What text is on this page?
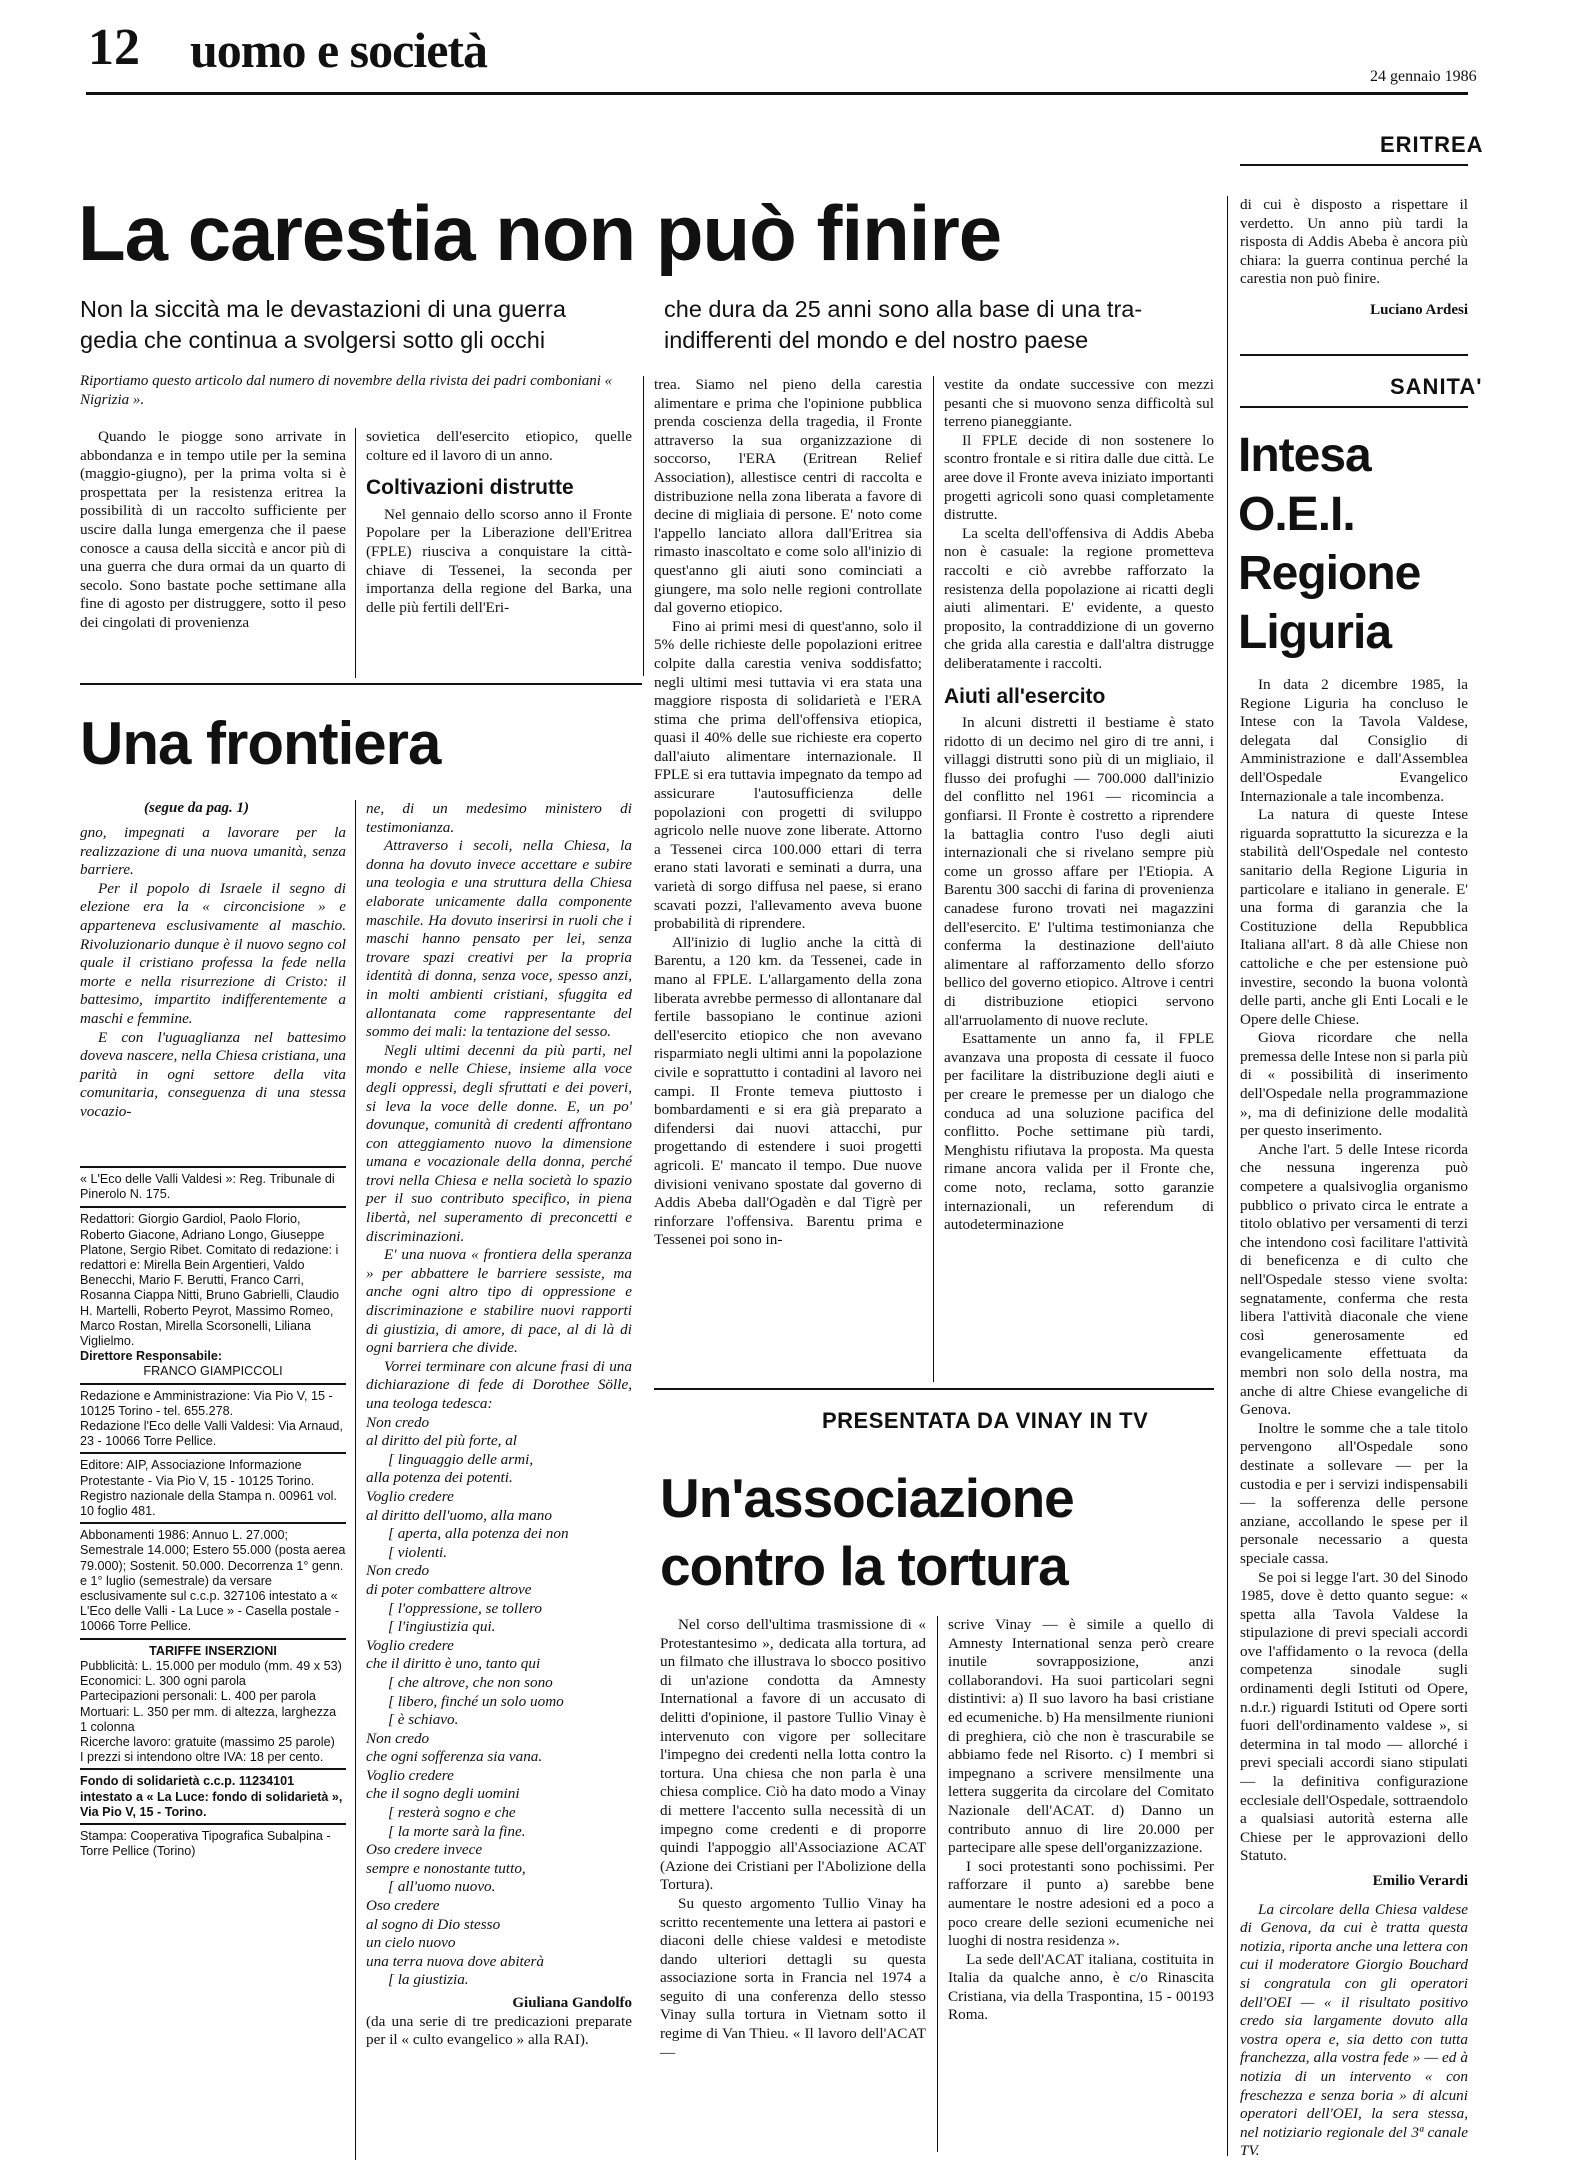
12 uomo e società	24 gennaio 1986
ERITREA
La carestia non può finire
Non la siccità ma le devastazioni di una guerra
gedia che continua a svolgersi sotto gli occhi
che dura da 25 anni sono alla base di una tra-
indifferenti del mondo e del nostro paese
Riportiamo questo articolo dal numero di novembre della rivista dei padri comboniani « Nigrizia ».

Quando le piogge sono arrivate in abbondanza e in tempo utile per la semina (maggio-giugno), per la prima volta si è prospettata per la resistenza eritrea la possibilità di un raccolto sufficiente per uscire dalla lunga emergenza che il paese conosce a causa della siccità e ancor più di una guerra che dura ormai da un quarto di secolo. Sono bastate poche settimane alla fine di agosto per distruggere, sotto il peso dei cingolati di provenienza

sovietica dell'esercito etiopico, quelle colture ed il lavoro di un anno.

Coltivazioni distrutte

Nel gennaio dello scorso anno il Fronte Popolare per la Liberazione dell'Eritrea (FPLE) riusciva a conquistare la città-chiave di Tessenei, la seconda per importanza della regione del Barka, una delle più fertili dell'Eri-

trea. Siamo nel pieno della carestia alimentare e prima che l'opinione pubblica prenda coscienza della tragedia, il Fronte attraverso la sua organizzazione di soccorso, l'ERA (Eritrean Relief Association), allestisce centri di raccolta e distribuzione nella zona liberata a favore di decine di migliaia di persone. E' noto come l'appello lanciato allora dall'Eritrea sia rimasto inascoltato e come solo all'inizio di quest'anno gli aiuti sono cominciati a giungere, ma solo nelle regioni controllate dal governo etiopico.

Fino ai primi mesi di quest'anno, solo il 5% delle richieste delle popolazioni eritree colpite dalla carestia veniva soddisfatto; negli ultimi mesi tuttavia vi era stata una maggiore risposta di solidarietà e l'ERA stima che prima dell'offensiva etiopica, quasi il 40% delle sue richieste era coperto dall'aiuto alimentare internazionale. Il FPLE si era tuttavia impegnato da tempo ad assicurare l'autosufficienza delle popolazioni con progetti di sviluppo agricolo nelle nuove zone liberate. Attorno a Tessenei circa 100.000 ettari di terra erano stati lavorati e seminati a durra, una varietà di sorgo diffusa nel paese, si erano scavati pozzi, l'allevamento aveva buone probabilità di riprendere.

All'inizio di luglio anche la città di Barentu, a 120 km. da Tessenei, cade in mano al FPLE. L'allargamento della zona liberata avrebbe permesso di allontanare dal fertile bassopiano le continue azioni dell'esercito etiopico che non avevano risparmiato negli ultimi anni la popolazione civile e soprattutto i contadini al lavoro nei campi. Il Fronte temeva piuttosto i bombardamenti e si era già preparato a difendersi dai nuovi attacchi, pur progettando di estendere i suoi progetti agricoli. E' mancato il tempo. Due nuove divisioni venivano spostate dal governo di Addis Abeba dall'Ogadèn e dal Tigrè per rinforzare l'offensiva. Barentu prima e Tessenei poi sono in-

vestite da ondate successive con mezzi pesanti che si muovono senza difficoltà sul terreno pianeggiante.

Il FPLE decide di non sostenere lo scontro frontale e si ritira dalle due città. Le aree dove il Fronte aveva iniziato importanti progetti agricoli sono quasi completamente distrutte.

La scelta dell'offensiva di Addis Abeba non è casuale: la regione prometteva raccolti e ciò avrebbe rafforzato la resistenza della popolazione ai ricatti degli aiuti alimentari. E' evidente, a questo proposito, la contraddizione di un governo che grida alla carestia e dall'altra distrugge deliberatamente i raccolti.

Aiuti all'esercito

In alcuni distretti il bestiame è stato ridotto di un decimo nel giro di tre anni, i villaggi distrutti sono più di un migliaio, il flusso dei profughi — 700.000 dall'inizio del conflitto nel 1961 — ricomincia a gonfiarsi. Il Fronte è costretto a riprendere la battaglia contro l'uso degli aiuti internazionali che si rivelano sempre più come un grosso affare per l'Etiopia. A Barentu 300 sacchi di farina di provenienza canadese furono trovati nei magazzini dell'esercito. E' l'ultima testimonianza che conferma la destinazione dell'aiuto alimentare al rafforzamento dello sforzo bellico del governo etiopico. Altrove i centri di distribuzione etiopici servono all'arruolamento di nuove reclute.

Esattamente un anno fa, il FPLE avanzava una proposta di cessate il fuoco per facilitare la distribuzione degli aiuti e per creare le premesse per un dialogo che conduca ad una soluzione pacifica del conflitto. Poche settimane più tardi, Menghistu rifiutava la proposta. Ma questa rimane ancora valida per il Fronte che, come noto, reclama, sotto garanzie internazionali, un referendum di autodeterminazione

di cui è disposto a rispettare il verdetto. Un anno più tardi la risposta di Addis Abeba è ancora più chiara: la guerra continua perché la carestia non può finire.

Luciano Ardesi
SANITA'
Intesa
O.E.I.
Regione
Liguria

In data 2 dicembre 1985, la Regione Liguria ha concluso le Intese con la Tavola Valdese, delegata dal Consiglio di Amministrazione e dall'Assemblea dell'Ospedale Evangelico Internazionale a tale incombenza.

La natura di queste Intese riguarda soprattutto la sicurezza e la stabilità dell'Ospedale nel contesto sanitario della Regione Liguria in particolare e italiano in generale. E' una forma di garanzia che la Costituzione della Repubblica Italiana all'art. 8 dà alle Chiese non cattoliche e che per estensione può investire, secondo la buona volontà delle parti, anche gli Enti Locali e le Opere delle Chiese.

Giova ricordare che nella premessa delle Intese non si parla più di « possibilità di inserimento dell'Ospedale nella programmazione », ma di definizione delle modalità per questo inserimento.

Anche l'art. 5 delle Intese ricorda che nessuna ingerenza può competere a qualsivoglia organismo pubblico o privato circa le entrate a titolo oblativo per versamenti di terzi che intendono così facilitare l'attività di beneficenza e di culto che nell'Ospedale stesso viene svolta: segnatamente, conferma che resta libera l'attività diaconale che viene così generosamente ed evangelicamente effettuata da membri non solo della nostra, ma anche di altre Chiese evangeliche di Genova.

Inoltre le somme che a tale titolo pervengono all'Ospedale sono destinate a sollevare — per la custodia e per i servizi indispensabili — la sofferenza delle persone anziane, accollando le spese per il personale necessario a questa speciale cassa.

Se poi si legge l'art. 30 del Sinodo 1985, dove è detto quanto segue: « spetta alla Tavola Valdese la stipulazione di previ speciali accordi ove l'affidamento o la revoca (della competenza sinodale sugli ordinamenti degli Istituti od Opere, n.d.r.) riguardi Istituti od Opere sorti fuori dell'ordinamento valdese », si determina in tal modo — allorché i previ speciali accordi siano stipulati — la definitiva configurazione ecclesiale dell'Ospedale, sottraendolo a qualsiasi autorità esterna alle Chiese per le approvazioni dello Statuto.

Emilio Verardi

La circolare della Chiesa valdese di Genova, da cui è tratta questa notizia, riporta anche una lettera con cui il moderatore Giorgio Bouchard si congratula con gli operatori dell'OEI — « il risultato positivo credo sia largamente dovuto alla vostra opera e, sia detto con tutta franchezza, alla vostra fede » — ed à notizia di un intervento « con freschezza e senza boria » di alcuni operatori dell'OEI, la sera stessa, nel notiziario regionale del 3ª canale TV.

Una frontiera
(segue da pag. 1)

gno, impegnati a lavorare per la realizzazione di una nuova umanità, senza barriere.

Per il popolo di Israele il segno di elezione era la « circoncisione » e apparteneva esclusivamente al maschio. Rivoluzionario dunque è il nuovo segno col quale il cristiano professa la fede nella morte e nella risurrezione di Cristo: il battesimo, impartito indifferentemente a maschi e femmine.

E con l'uguaglianza nel battesimo doveva nascere, nella Chiesa cristiana, una parità in ogni settore della vita comunitaria, conseguenza di una stessa vocazio-

ne, di un medesimo ministero di testimonianza.

Attraverso i secoli, nella Chiesa, la donna ha dovuto invece accettare e subire una teologia e una struttura della Chiesa elaborate unicamente dalla componente maschile. Ha dovuto inserirsi in ruoli che i maschi hanno pensato per lei, senza trovare spazi creativi per la propria identità di donna, senza voce, spesso anzi, in molti ambienti cristiani, sfuggita ed allontanata come rappresentante del sommo dei mali: la tentazione del sesso.

Negli ultimi decenni da più parti, nel mondo e nelle Chiese, insieme alla voce degli oppressi, degli sfruttati e dei poveri, si leva la voce delle donne. E, un po' dovunque, comunità di credenti affrontano con atteggiamento nuovo la dimensione umana e vocazionale della donna, perché trovi nella Chiesa e nella società lo spazio per il suo contributo specifico, in piena libertà, nel superamento di preconcetti e discriminazioni.

E' una nuova « frontiera della speranza » per abbattere le barriere sessiste, ma anche ogni altro tipo di oppressione e discriminazione e stabilire nuovi rapporti di giustizia, di amore, di pace, al di là di ogni barriera che divide.

Vorrei terminare con alcune frasi di una dichiarazione di fede di Dorothee Sölle, una teologa tedesca:

Non credo
al diritto del più forte, al
[ linguaggio delle armi,
alla potenza dei potenti.
Voglio credere
al diritto dell'uomo, alla mano
[ aperta, alla potenza dei non
[ violenti.
Non credo
di poter combattere altrove
[ l'oppressione, se tollero
[ l'ingiustizia qui.
Voglio credere
che il diritto è uno, tanto qui
[ che altrove, che non sono
[ libero, finché un solo uomo
[ è schiavo.
Non credo
che ogni sofferenza sia vana.
Voglio credere
che il sogno degli uomini
[ resterà sogno e che
[ la morte sarà la fine.
Oso credere invece
sempre e nonostante tutto,
[ all'uomo nuovo.
Oso credere
al sogno di Dio stesso
un cielo nuovo
una terra nuova dove abiterà
[ la giustizia.
Giuliana Gandolfo

(da una serie di tre predicazioni preparate per il « culto evangelico » alla RAI).

« L'Eco delle Valli Valdesi »: Reg. Tribunale di Pinerolo N. 175.

Redattori: Giorgio Gardiol, Paolo Florio, Roberto Giacone, Adriano Longo, Giuseppe Platone, Sergio Ribet. Comitato di redazione: i redattori e: Mirella Bein Argentieri, Valdo Benecchi, Mario F. Berutti, Franco Carri, Rosanna Ciappa Nitti, Bruno Gabrielli, Claudio H. Martelli, Roberto Peyrot, Massimo Romeo, Marco Rostan, Mirella Scorsonelli, Liliana Viglielmo.

Direttore Responsabile:

FRANCO GIAMPICCOLI

Redazione e Amministrazione: Via Pio V, 15 - 10125 Torino - tel. 655.278.

Redazione l'Eco delle Valli Valdesi: Via Arnaud, 23 - 10066 Torre Pellice.

Editore: AIP, Associazione Informazione Protestante - Via Pio V, 15 - 10125 Torino.

Registro nazionale della Stampa n. 00961 vol. 10 foglio 481.

Abbonamenti 1986: Annuo L. 27.000; Semestrale 14.000; Estero 55.000 (posta aerea 79.000); Sostenit. 50.000. Decorrenza 1° genn. e 1° luglio (semestrale) da versare esclusivamente sul c.c.p. 327106 intestato a « L'Eco delle Valli - La Luce » - Casella postale - 10066 Torre Pellice.

TARIFFE INSERZIONI

Pubblicità: L. 15.000 per modulo (mm. 49 x 53)

Economici: L. 300 ogni parola

Partecipazioni personali: L. 400 per parola

Mortuari: L. 350 per mm. di altezza, larghezza 1 colonna

Ricerche lavoro: gratuite (massimo 25 parole)

I prezzi si intendono oltre IVA: 18 per cento.

Fondo di solidarietà c.c.p. 11234101 intestato a « La Luce: fondo di solidarietà », Via Pio V, 15 - Torino.

Stampa: Cooperativa Tipografica Subalpina - Torre Pellice (Torino)

PRESENTATA DA VINAY IN TV
Un'associazione
contro la tortura

Nel corso dell'ultima trasmissione di « Protestantesimo », dedicata alla tortura, ad un filmato che illustrava lo sbocco positivo di un'azione condotta da Amnesty International a favore di un accusato di delitti d'opinione, il pastore Tullio Vinay è intervenuto con vigore per sollecitare l'impegno dei credenti nella lotta contro la tortura. Una chiesa che non parla è una chiesa complice. Ciò ha dato modo a Vinay di mettere l'accento sulla necessità di un impegno come credenti e di proporre quindi l'appoggio all'Associazione ACAT (Azione dei Cristiani per l'Abolizione della Tortura).

Su questo argomento Tullio Vinay ha scritto recentemente una lettera ai pastori e diaconi delle chiese valdesi e metodiste dando ulteriori dettagli su questa associazione sorta in Francia nel 1974 a seguito di una conferenza dello stesso Vinay sulla tortura in Vietnam sotto il regime di Van Thieu. « Il lavoro dell'ACAT —

scrive Vinay — è simile a quello di Amnesty International senza però creare inutile sovrapposizione, anzi collaborandovi. Ha suoi particolari segni distintivi: a) Il suo lavoro ha basi cristiane ed ecumeniche. b) Ha mensilmente riunioni di preghiera, ciò che non è trascurabile se abbiamo fede nel Risorto. c) I membri si impegnano a scrivere mensilmente una lettera suggerita da circolare del Comitato Nazionale dell'ACAT. d) Danno un contributo annuo di lire 20.000 per partecipare alle spese dell'organizzazione.

I soci protestanti sono pochissimi. Per rafforzare il punto a) sarebbe bene aumentare le nostre adesioni ed a poco a poco creare delle sezioni ecumeniche nei luoghi di nostra residenza ».

La sede dell'ACAT italiana, costituita in Italia da qualche anno, è c/o Rinascita Cristiana, via della Traspontina, 15 - 00193 Roma.
